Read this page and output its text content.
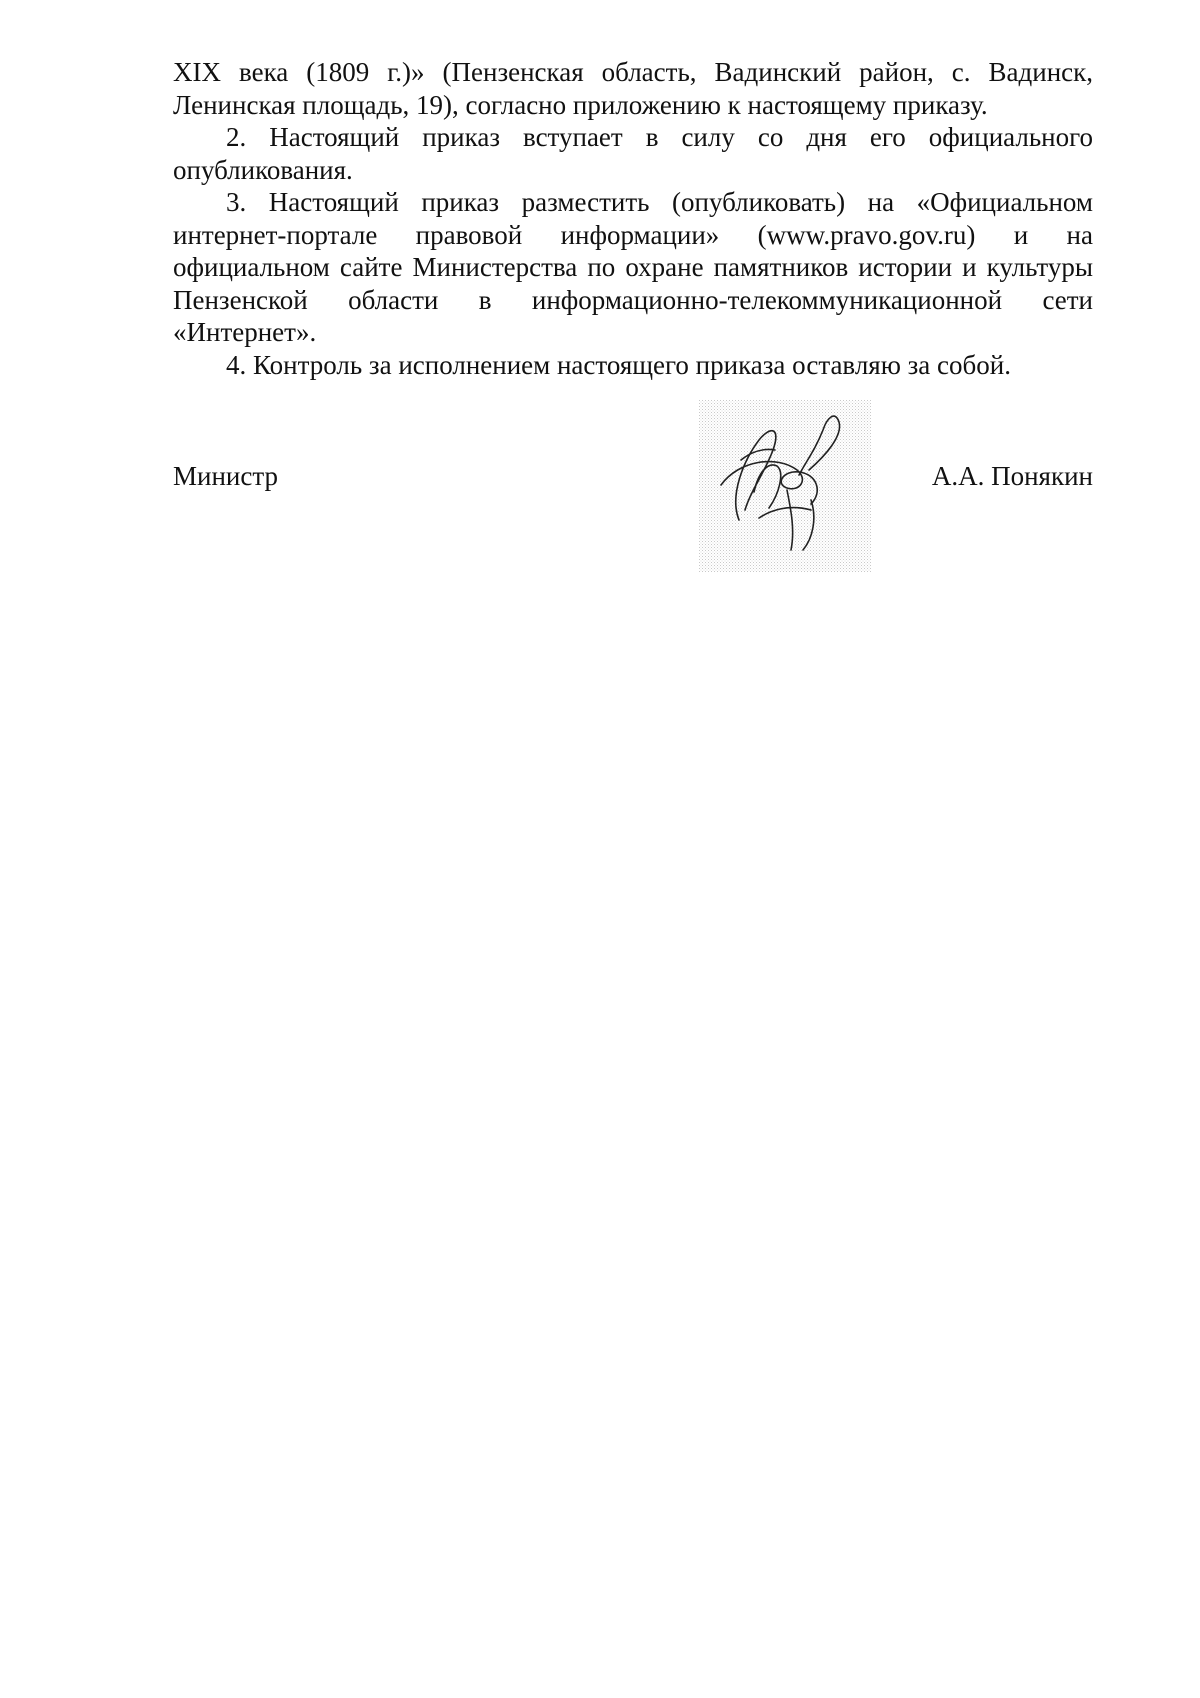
XIX века (1809 г.)» (Пензенская область, Вадинский район, с. Вадинск, Ленинская площадь, 19), согласно приложению к настоящему приказу.

2. Настоящий приказ вступает в силу со дня его официального опубликования.

3. Настоящий приказ разместить (опубликовать) на «Официальном интернет-портале правовой информации» (www.pravo.gov.ru) и на официальном сайте Министерства по охране памятников истории и культуры Пензенской области в информационно-телекоммуникационной сети «Интернет».

4. Контроль за исполнением настоящего приказа оставляю за собой.

Министр	А.А. Понякин
